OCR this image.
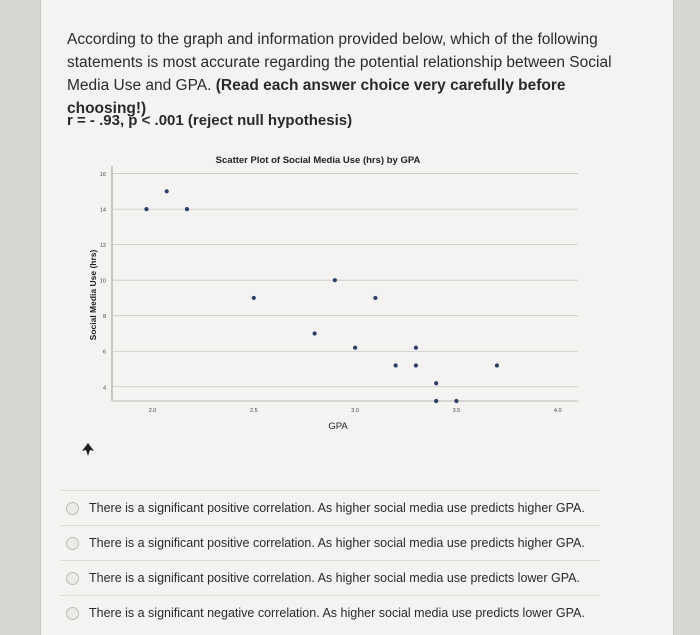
According to the graph and information provided below, which of the following statements is most accurate regarding the potential relationship between Social Media Use and GPA. (Read each answer choice very carefully before choosing!)
r = - .93, p < .001 (reject null hypothesis)
Scatter Plot of Social Media Use (hrs) by GPA
4
6
8
10
12
14
16
2.0	2.5	3.0	3.5	4.0
GPA
Social Media Use (hrs)
There is a significant positive correlation. As higher social media use predicts higher GPA.
There is a significant positive correlation. As higher social media use predicts higher GPA.
There is a significant positive correlation. As higher social media use predicts lower GPA.
There is a significant negative correlation. As higher social media use predicts lower GPA.
